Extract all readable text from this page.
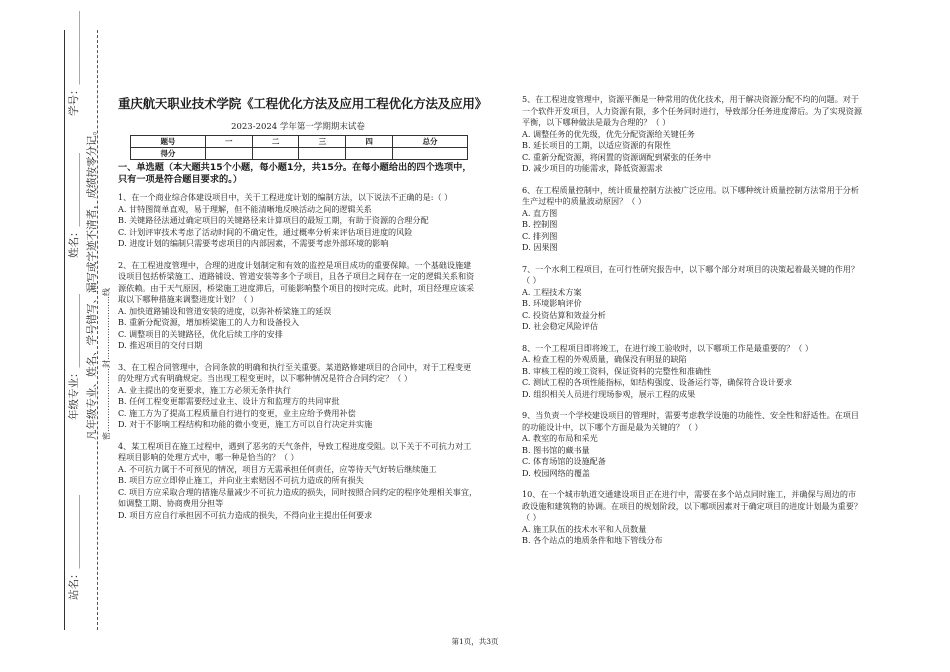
学号：______________
姓名：______________
年级专业：______________
站名：______________
凡年级专业、姓名、学号错写、漏写或字迹不清者，成绩按零分记。 密……………………封……………………线
重庆航天职业技术学院《工程优化方法及应用工程优化方法及应用》
2023-2024 学年第一学期期末试卷
题号	一	二	三	四	总分
得分					
一、单选题（本大题共15个小题，每小题1分，共15分。在每小题给出的四个选项中，只有一项是符合题目要求的。）

1、在一个商业综合体建设项目中，关于工程进度计划的编制方法，以下说法不正确的是:（ ）

A. 甘特图简单直观，易于理解，但不能清晰地反映活动之间的逻辑关系

B. 关键路径法通过确定项目的关键路径来计算项目的最短工期，有助于资源的合理分配

C. 计划评审技术考虑了活动时间的不确定性，通过概率分析来评估项目进度的风险

D. 进度计划的编制只需要考虑项目的内部因素，不需要考虑外部环境的影响

2、在工程进度管理中，合理的进度计划制定和有效的监控是项目成功的重要保障。一个基础设施建设项目包括桥梁施工、道路铺设、管道安装等多个子项目，且各子项目之间存在一定的逻辑关系和资源依赖。由于天气原因，桥梁施工进度滞后，可能影响整个项目的按时完成。此时，项目经理应该采取以下哪种措施来调整进度计划？（ ）

A. 加快道路铺设和管道安装的进度，以弥补桥梁施工的延误

B. 重新分配资源，增加桥梁施工的人力和设备投入

C. 调整项目的关键路径，优化后续工序的安排

D. 推迟项目的交付日期

3、在工程合同管理中，合同条款的明确和执行至关重要。某道路修建项目的合同中，对于工程变更的处理方式有明确规定。当出现工程变更时，以下哪种情况是符合合同约定？（ ）

A. 业主提出的变更要求，施工方必须无条件执行

B. 任何工程变更都需要经过业主、设计方和监理方的共同审批

C. 施工方为了提高工程质量自行进行的变更，业主应给予费用补偿

D. 对于不影响工程结构和功能的微小变更，施工方可以自行决定并实施

4、某工程项目在施工过程中，遇到了恶劣的天气条件，导致工程进度受阻。以下关于不可抗力对工程项目影响的处理方式中，哪一种是恰当的？（ ）

A. 不可抗力属于不可预见的情况，项目方无需承担任何责任，应等待天气好转后继续施工

B. 项目方应立即停止施工，并向业主索赔因不可抗力造成的所有损失

C. 项目方应采取合理的措施尽量减少不可抗力造成的损失，同时按照合同约定的程序处理相关事宜，如调整工期、协商费用分担等

D. 项目方应自行承担因不可抗力造成的损失，不得向业主提出任何要求

5、在工程进度管理中，资源平衡是一种常用的优化技术，用于解决资源分配不均的问题。对于一个软件开发项目，人力资源有限，多个任务同时进行，导致部分任务进度滞后。为了实现资源平衡，以下哪种做法是最为合理的？（ ）

A. 调整任务的优先级，优先分配资源给关键任务

B. 延长项目的工期，以适应资源的有限性

C. 重新分配资源，将闲置的资源调配到紧张的任务中

D. 减少项目的功能需求，降低资源需求

6、在工程质量控制中，统计质量控制方法被广泛应用。以下哪种统计质量控制方法常用于分析生产过程中的质量波动原因？（ ）

A. 直方图

B. 控制图

C. 排列图

D. 因果图

7、一个水利工程项目，在可行性研究报告中，以下哪个部分对项目的决策起着最关键的作用？（ ）

A. 工程技术方案

B. 环境影响评价

C. 投资估算和效益分析

D. 社会稳定风险评估

8、一个工程项目即将竣工，在进行竣工验收时，以下哪项工作是最重要的？（ ）

A. 检查工程的外观质量，确保没有明显的缺陷

B. 审核工程的竣工资料，保证资料的完整性和准确性

C. 测试工程的各项性能指标，如结构强度、设备运行等，确保符合设计要求

D. 组织相关人员进行现场参观，展示工程的成果

9、当负责一个学校建设项目的管理时，需要考虑教学设施的功能性、安全性和舒适性。在项目的功能设计中，以下哪个方面是最为关键的？（ ）

A. 教室的布局和采光

B. 图书馆的藏书量

C. 体育场馆的设施配备

D. 校园网络的覆盖

10、在一个城市轨道交通建设项目正在进行中，需要在多个站点同时施工，并确保与周边的市政设施和建筑物的协调。在项目的规划阶段，以下哪项因素对于确定项目的进度计划最为重要？（ ）

A. 施工队伍的技术水平和人员数量

B. 各个站点的地质条件和地下管线分布

第1页，共3页
